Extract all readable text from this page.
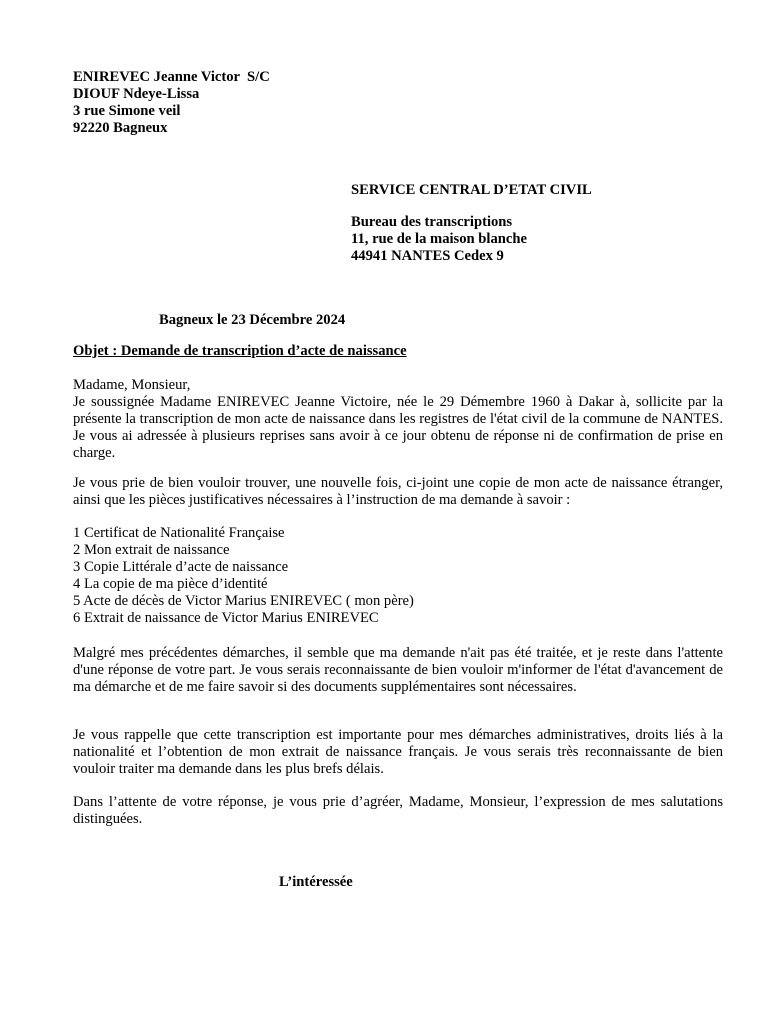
ENIREVEC Jeanne Victor  S/C
DIOUF Ndeye-Lissa
3 rue Simone veil
92220 Bagneux
SERVICE CENTRAL D’ETAT CIVIL
Bureau des transcriptions
11, rue de la maison blanche
44941 NANTES Cedex 9
Bagneux le 23 Décembre 2024
Objet : Demande de transcription d’acte de naissance
Madame, Monsieur,
Je soussignée Madame ENIREVEC Jeanne Victoire, née le 29 Démembre 1960 à Dakar à, sollicite par la présente la transcription de mon acte de naissance dans les registres de l'état civil de la commune de NANTES. Je vous ai adressée à plusieurs reprises sans avoir à ce jour obtenu de réponse ni de confirmation de prise en charge.
Je vous prie de bien vouloir trouver, une nouvelle fois, ci-joint une copie de mon acte de naissance étranger, ainsi que les pièces justificatives nécessaires à l’instruction de ma demande à savoir :
1 Certificat de Nationalité Française
2 Mon extrait de naissance
3 Copie Littérale d’acte de naissance
4 La copie de ma pièce d’identité
5 Acte de décès de Victor Marius ENIREVEC ( mon père)
6 Extrait de naissance de Victor Marius ENIREVEC
Malgré mes précédentes démarches, il semble que ma demande n'ait pas été traitée, et je reste dans l'attente d'une réponse de votre part. Je vous serais reconnaissante de bien vouloir m'informer de l'état d'avancement de ma démarche et de me faire savoir si des documents supplémentaires sont nécessaires.
Je vous rappelle que cette transcription est importante pour mes démarches administratives, droits liés à la nationalité et l’obtention de mon extrait de naissance français. Je vous serais très reconnaissante de bien vouloir traiter ma demande dans les plus brefs délais.
Dans l’attente de votre réponse, je vous prie d’agréer, Madame, Monsieur, l’expression de mes salutations distinguées.
L’intéressée
